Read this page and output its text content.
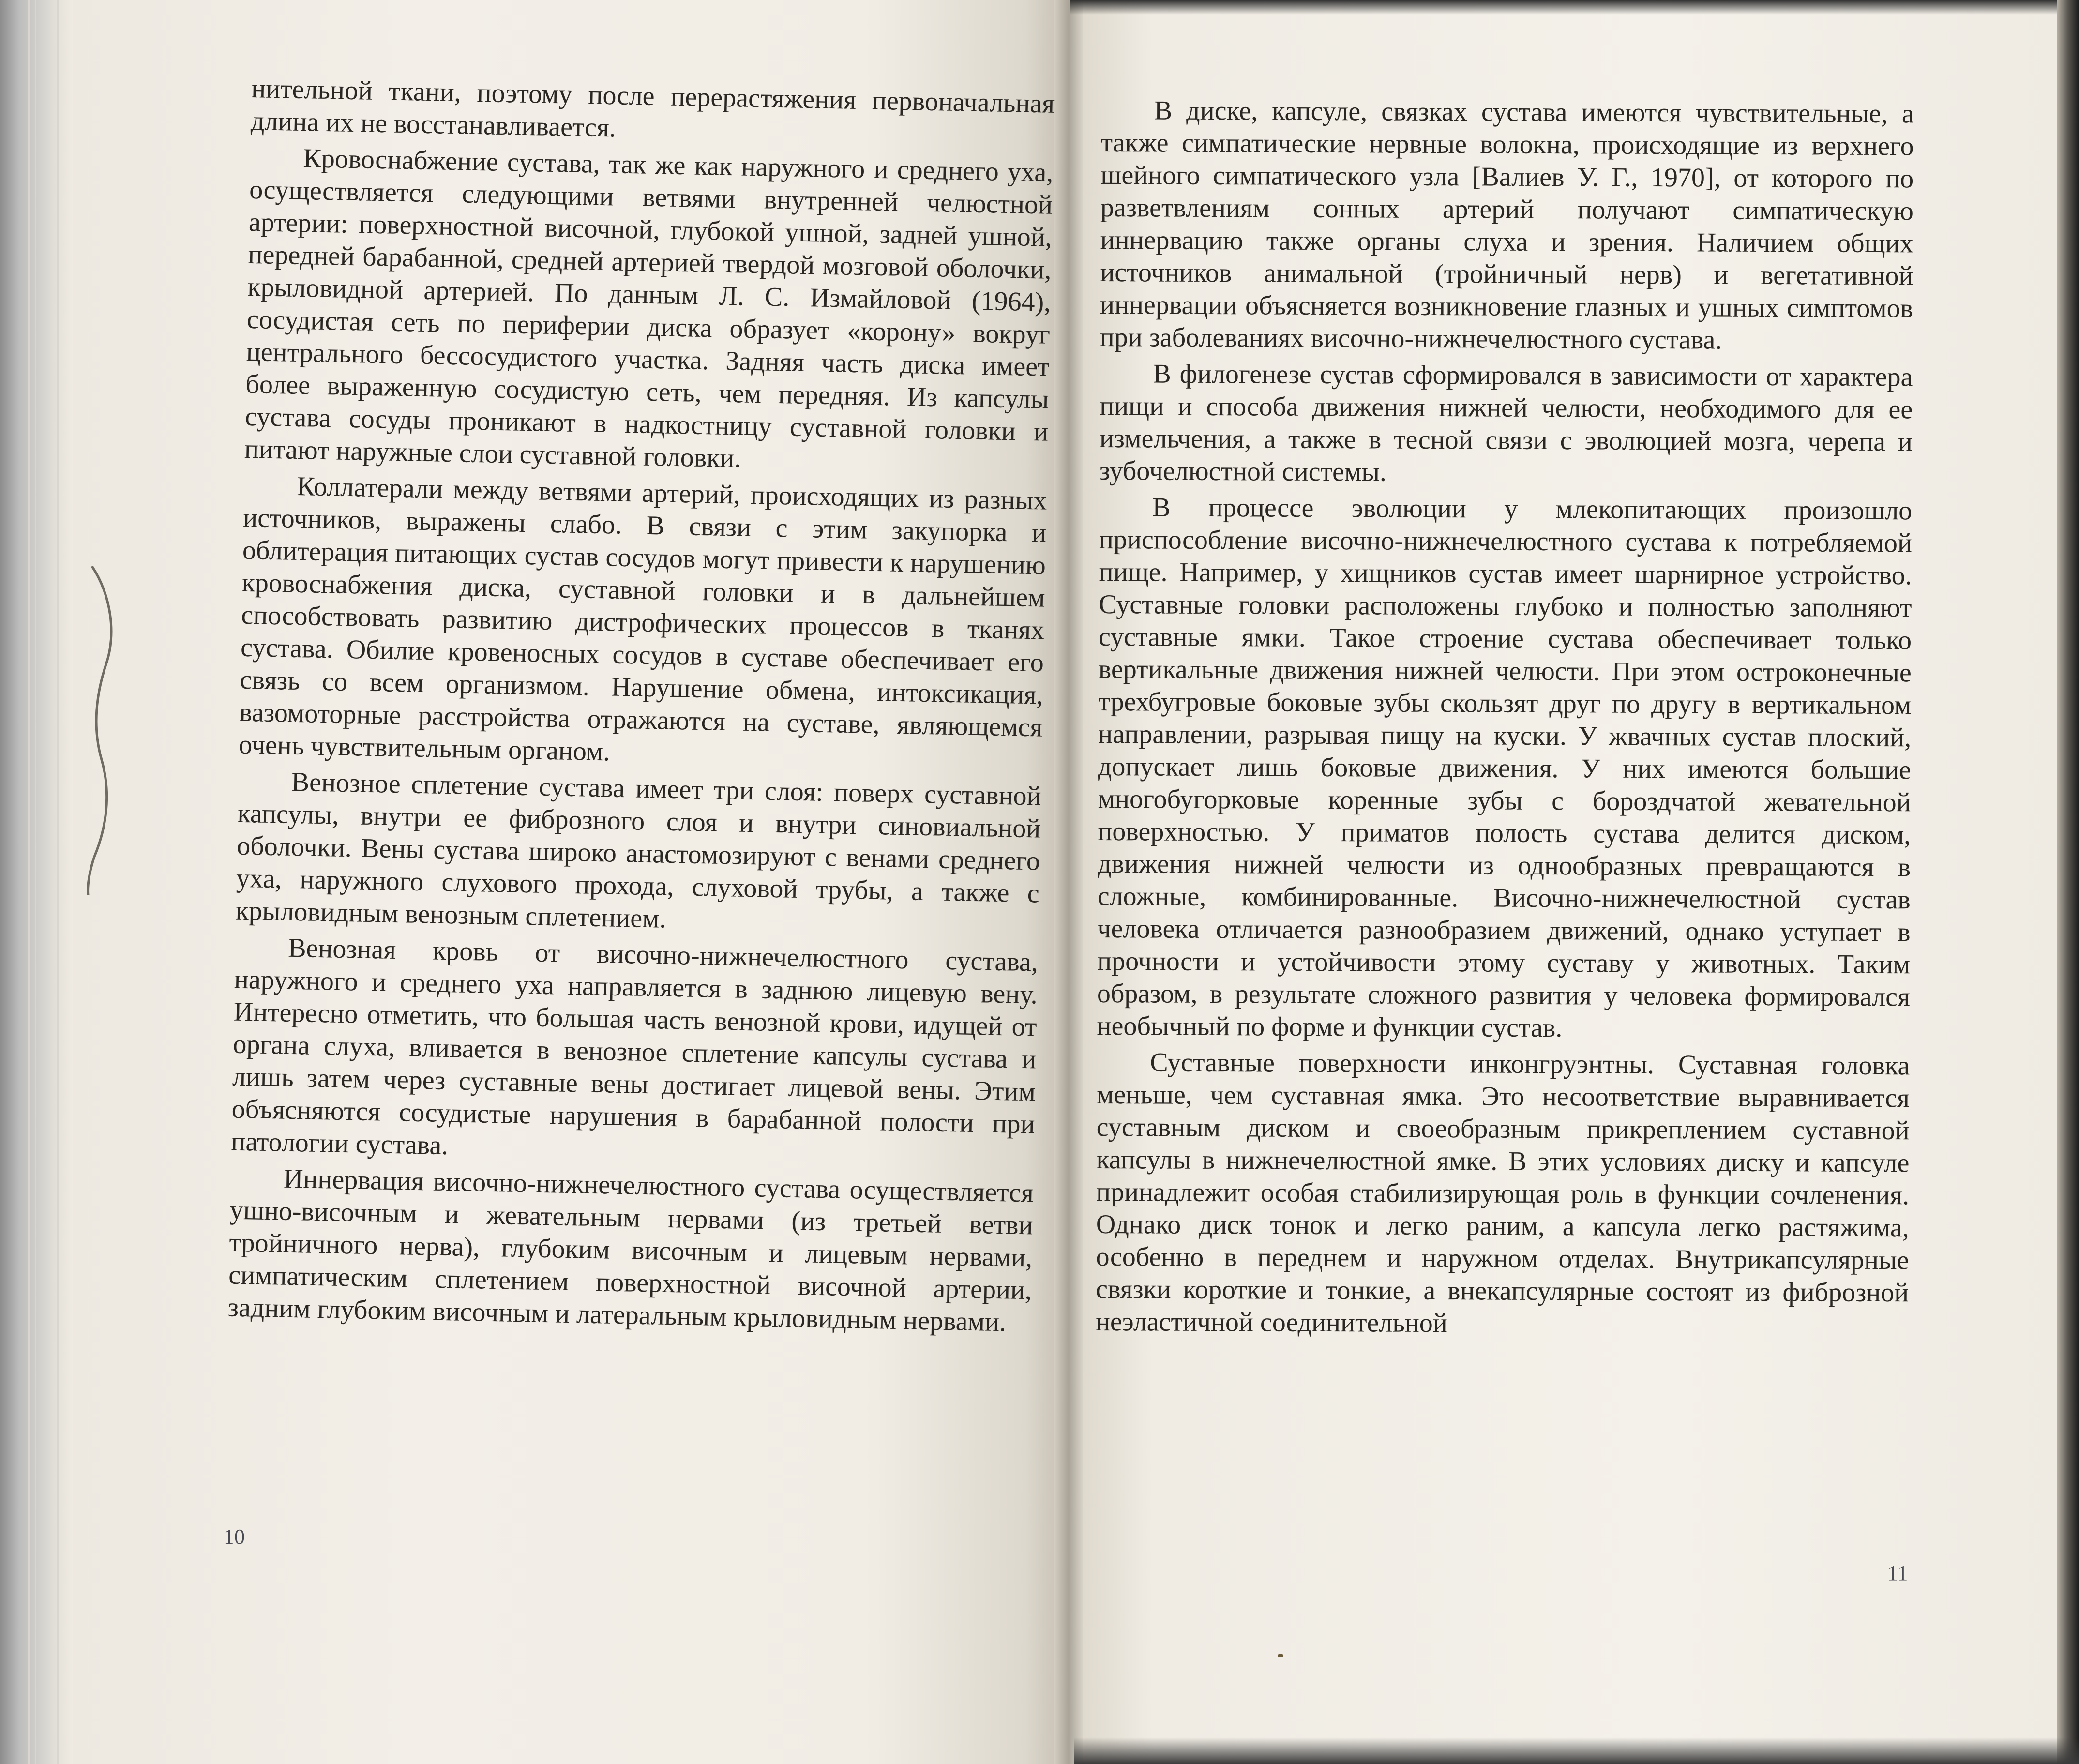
нительной ткани, поэтому после перерастяжения первоначальная длина их не восстанавливается.

Кровоснабжение сустава, так же как наружного и среднего уха, осуществляется следующими ветвями внутренней челюстной артерии: поверхностной височной, глубокой ушной, задней ушной, передней барабанной, средней артерией твердой мозговой оболочки, крыловидной артерией. По данным Л. С. Измайловой (1964), сосудистая сеть по периферии диска образует «корону» вокруг центрального бессосудистого участка. Задняя часть диска имеет более выраженную сосудистую сеть, чем передняя. Из капсулы сустава сосуды проникают в надкостницу суставной головки и питают наружные слои суставной головки.

Коллатерали между ветвями артерий, происходящих из разных источников, выражены слабо. В связи с этим закупорка и облитерация питающих сустав сосудов могут привести к нарушению кровоснабжения диска, суставной головки и в дальнейшем способствовать развитию дистрофических процессов в тканях сустава. Обилие кровеносных сосудов в суставе обеспечивает его связь со всем организмом. Нарушение обмена, интоксикация, вазомоторные расстройства отражаются на суставе, являющемся очень чувствительным органом.

Венозное сплетение сустава имеет три слоя: поверх суставной капсулы, внутри ее фиброзного слоя и внутри синовиальной оболочки. Вены сустава широко анастомозируют с венами среднего уха, наружного слухового прохода, слуховой трубы, а также с крыловидным венозным сплетением.

Венозная кровь от височно-нижнечелюстного сустава, наружного и среднего уха направляется в заднюю лицевую вену. Интересно отметить, что большая часть венозной крови, идущей от органа слуха, вливается в венозное сплетение капсулы сустава и лишь затем через суставные вены достигает лицевой вены. Этим объясняются сосудистые нарушения в барабанной полости при патологии сустава.

Иннервация височно-нижнечелюстного сустава осуществляется ушно-височным и жевательным нервами (из третьей ветви тройничного нерва), глубоким височным и лицевым нервами, симпатическим сплетением поверхностной височной артерии, задним глубоким височным и латеральным крыловидным нервами.

10

В диске, капсуле, связках сустава имеются чувствительные, а также симпатические нервные волокна, происходящие из верхнего шейного симпатического узла [Валиев У. Г., 1970], от которого по разветвлениям сонных артерий получают симпатическую иннервацию также органы слуха и зрения. Наличием общих источников анимальной (тройничный нерв) и вегетативной иннервации объясняется возникновение глазных и ушных симптомов при заболеваниях височно-нижнечелюстного сустава.

В филогенезе сустав сформировался в зависимости от характера пищи и способа движения нижней челюсти, необходимого для ее измельчения, а также в тесной связи с эволюцией мозга, черепа и зубочелюстной системы.

В процессе эволюции у млекопитающих произошло приспособление височно-нижнечелюстного сустава к потребляемой пище. Например, у хищников сустав имеет шарнирное устройство. Суставные головки расположены глубоко и полностью заполняют суставные ямки. Такое строение сустава обеспечивает только вертикальные движения нижней челюсти. При этом остроконечные трехбугровые боковые зубы скользят друг по другу в вертикальном направлении, разрывая пищу на куски. У жвачных сустав плоский, допускает лишь боковые движения. У них имеются большие многобугорковые коренные зубы с бороздчатой жевательной поверхностью. У приматов полость сустава делится диском, движения нижней челюсти из однообразных превращаются в сложные, комбинированные. Височно-нижнечелюстной сустав человека отличается разнообразием движений, однако уступает в прочности и устойчивости этому суставу у животных. Таким образом, в результате сложного развития у человека формировался необычный по форме и функции сустав.

Суставные поверхности инконгруэнтны. Суставная головка меньше, чем суставная ямка. Это несоответствие выравнивается суставным диском и своеобразным прикреплением суставной капсулы в нижнечелюстной ямке. В этих условиях диску и капсуле принадлежит особая стабилизирующая роль в функции сочленения. Однако диск тонок и легко раним, а капсула легко растяжима, особенно в переднем и наружном отделах. Внутрикапсулярные связки короткие и тонкие, а внекапсулярные состоят из фиброзной неэластичной соединительной

11
